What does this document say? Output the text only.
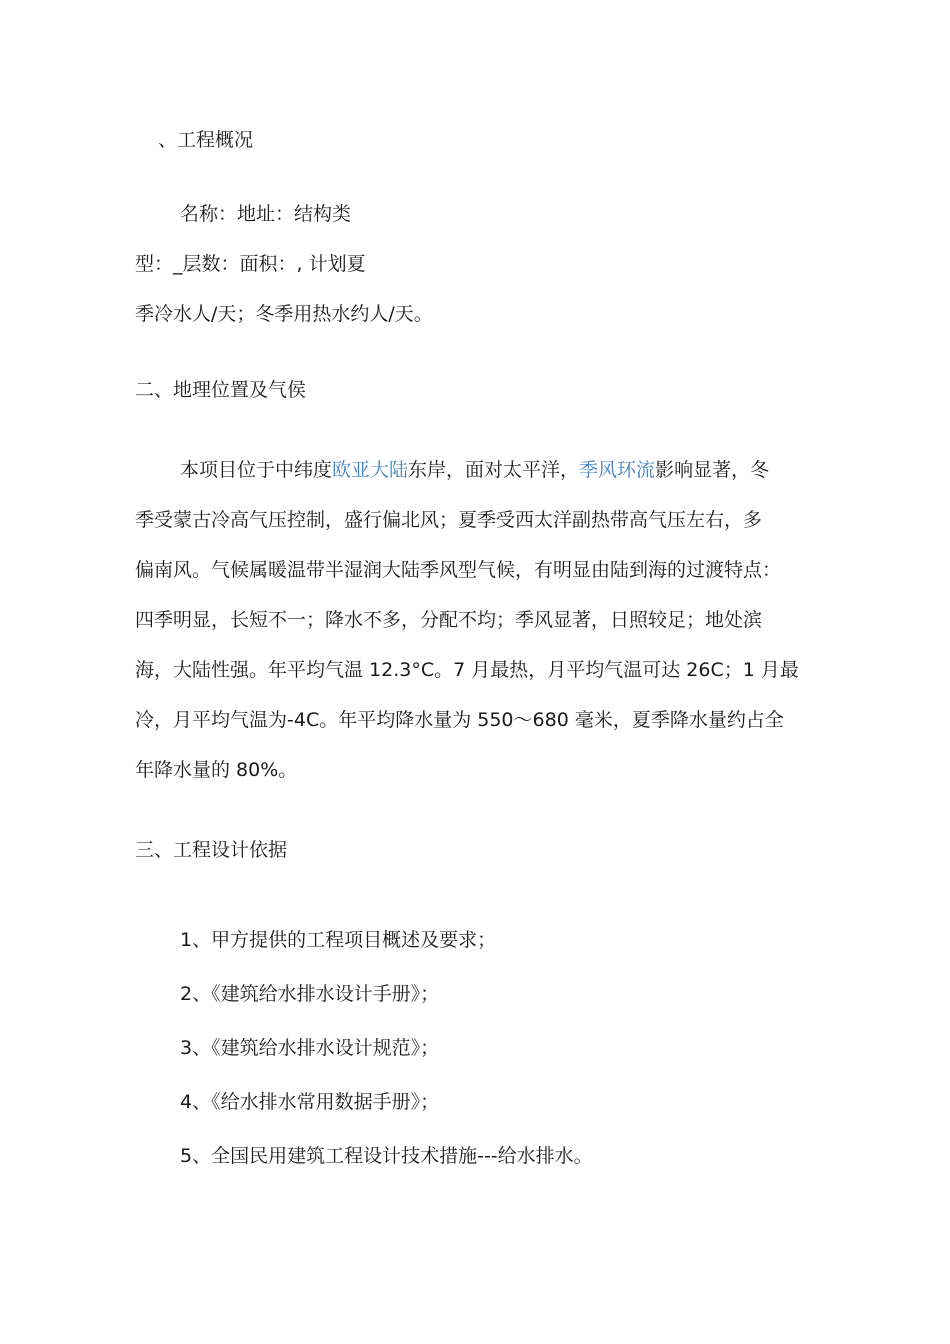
、工程概况

名称：地址：结构类

型：_层数：面积：, 计划夏

季冷水人/天；冬季用热水约人/天。

二、地理位置及气侯

本项目位于中纬度欧亚大陆东岸，面对太平洋，季风环流影响显著，冬

季受蒙古冷高气压控制，盛行偏北风；夏季受西太洋副热带高气压左右，多

偏南风。气候属暖温带半湿润大陆季风型气候，有明显由陆到海的过渡特点：

四季明显，长短不一；降水不多，分配不均；季风显著，日照较足；地处滨

海，大陆性强。年平均气温 12.3°C。7 月最热，月平均气温可达 26C；1 月最

冷，月平均气温为-4C。年平均降水量为 550～680 毫米，夏季降水量约占全

年降水量的 80%。

三、工程设计依据

1、甲方提供的工程项目概述及要求；

2、《建筑给水排水设计手册》；

3、《建筑给水排水设计规范》；

4、《给水排水常用数据手册》；

5、全国民用建筑工程设计技术措施---给水排水。
